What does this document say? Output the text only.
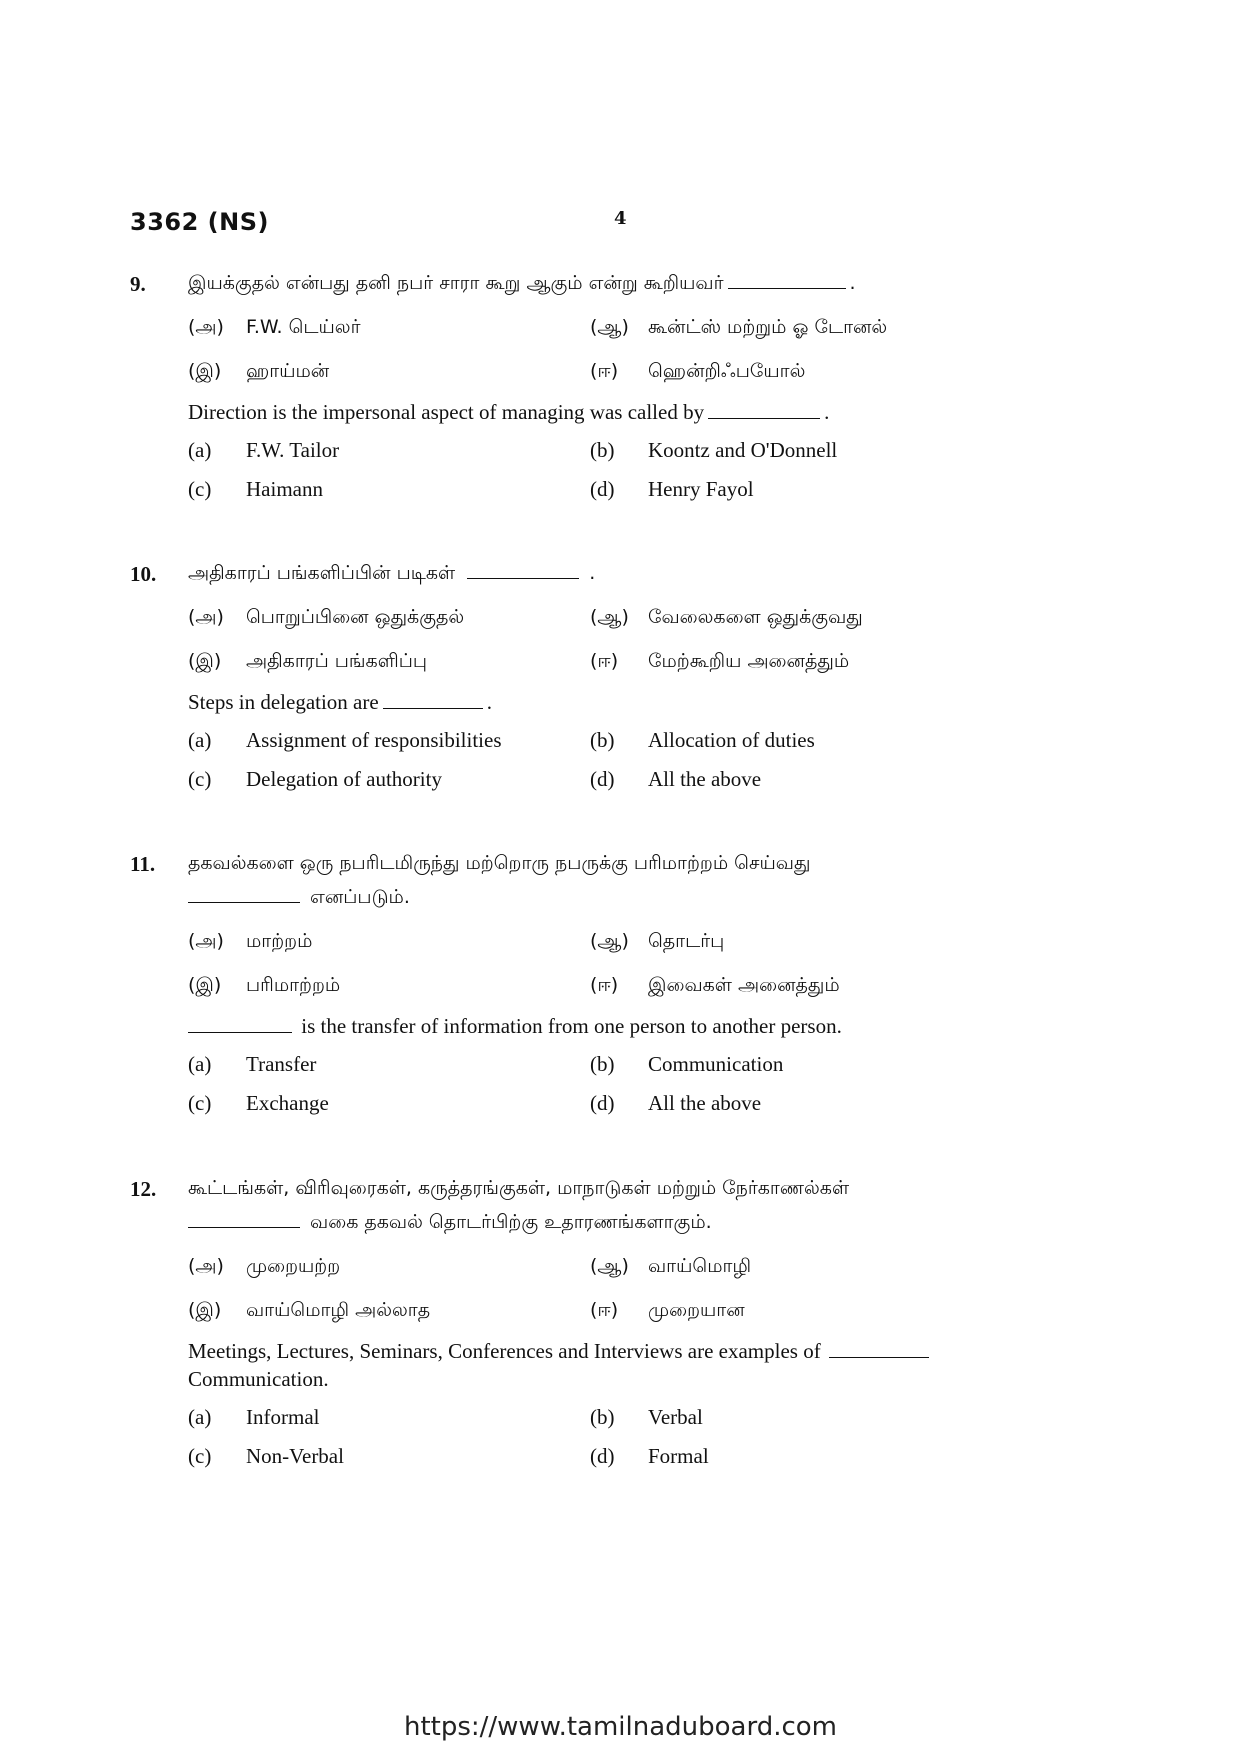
3362 (NS)	4
9. இயக்குதல் என்பது தனி நபர் சாரா கூறு ஆகும் என்று கூறியவர்	.
(அ) F.W. டெய்லர்	(ஆ) கூன்ட்ஸ் மற்றும் ஓ டோனல்
(இ) ஹாய்மன்	(ஈ) ஹென்றிஃபயோல்
Direction is the impersonal aspect of managing was called by	.
(a) F.W. Tailor	(b) Koontz and O'Donnell
(c) Haimann	(d) Henry Fayol
10. அதிகாரப் பங்களிப்பின் படிகள்	.
(அ) பொறுப்பினை ஒதுக்குதல்	(ஆ) வேலைகளை ஒதுக்குவது
(இ) அதிகாரப் பங்களிப்பு	(ஈ) மேற்கூறிய அனைத்தும்
Steps in delegation are	.
(a) Assignment of responsibilities	(b) Allocation of duties
(c) Delegation of authority	(d) All the above
11. தகவல்களை ஒரு நபரிடமிருந்து மற்றொரு நபருக்கு பரிமாற்றம் செய்வது
எனப்படும்.
(அ) மாற்றம்	(ஆ) தொடர்பு
(இ) பரிமாற்றம்	(ஈ) இவைகள் அனைத்தும்
is the transfer of information from one person to another person.
(a) Transfer	(b) Communication
(c) Exchange	(d) All the above
12. கூட்டங்கள், விரிவுரைகள், கருத்தரங்குகள், மாநாடுகள் மற்றும் நேர்காணல்கள்
வகை தகவல் தொடர்பிற்கு உதாரணங்களாகும்.
(அ) முறையற்ற	(ஆ) வாய்மொழி
(இ) வாய்மொழி அல்லாத	(ஈ) முறையான
Meetings, Lectures, Seminars, Conferences and Interviews are examples of
Communication.
(a) Informal	(b) Verbal
(c) Non-Verbal	(d) Formal
https://www.tamilnaduboard.com
